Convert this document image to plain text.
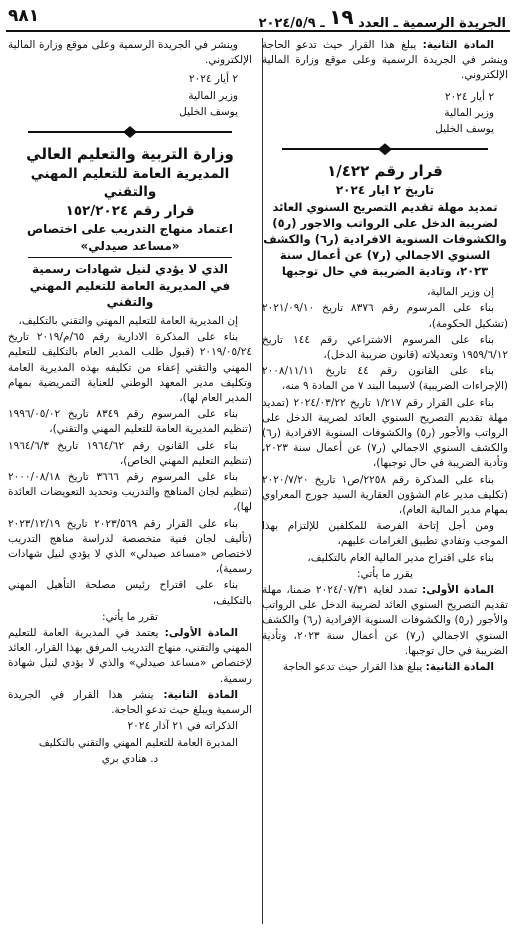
الجريدة الرسمية ـ العدد ١٩ ـ ٢٠٢٤/٥/٩
٩٨١

المادة الثانية: يبلغ هذا القرار حيث تدعو الحاجة وينشر في الجريدة الرسمية وعلى موقع وزارة المالية الإلكتروني.

٢ أيار ٢٠٢٤

وزير المالية

يوسف الخليل

قرار رقم ١/٤٢٢

تاريخ ٢ ايار ٢٠٢٤

تمديد مهلة تقديم التصريح السنوي العائد لضريبة الدخل على الرواتب والاجور (ر٥) والكشوفات السنوية الافرادية (ر٦) والكشف السنوي الاجمالي (ر٧) عن أعمال سنة ٢٠٢٣، وتادية الضريبة في حال توجبها

إن وزير المالية،

بناء على المرسوم رقم ٨٣٧٦ تاريخ ٢٠٢١/٠٩/١٠ (تشكيل الحكومة)،

بناء على المرسوم الاشتراعي رقم ١٤٤ تاريخ ١٩٥٩/٦/١٢ وتعديلاته (قانون ضريبة الدخل)،

بناء على القانون رقم ٤٤ تاريخ ٢٠٠٨/١١/١١ (الإجراءات الضريبية) لاسيما البند ٧ من المادة ٩ منه،

بناء على القرار رقم ١/٢١٧ تاريخ ٢٠٢٤/٠٣/٢٢ (تمديد مهلة تقديم التصريح السنوي العائد لضريبة الدخل على الرواتب والأجور (ر٥) والكشوفات السنوية الافرادية (ر٦) والكشف السنوي الاجمالي (ر٧) عن أعمال سنة ٢٠٢٣، وتأدية الضريبة في حال توجبها)،

بناء على المذكرة رقم ٢٢٥٨/ص١ تاريخ ٢٠٢٠/٧/٢٠ (تكليف مدير عام الشؤون العقارية السيد جورج المعراوي بمهام مدير المالية العام)،

ومن أجل إتاحة الفرصة للمكلفين للإلتزام بهذا الموجب وتفادي تطبيق الغرامات عليهم،

بناء على اقتراح مدير المالية العام بالتكليف،

يقرر ما يأتي:

المادة الأولى: تمدد لغاية ٢٠٢٤/٠٧/٣١ ضمنا، مهلة تقديم التصريح السنوي العائد لضريبة الدخل على الرواتب والأجور (ر٥) والكشوفات السنوية الإفرادية (ر٦) والكشف السنوي الاجمالي (ر٧) عن أعمال سنة ٢٠٢٣، وتأدية الضريبة في حال توجبها.

المادة الثانية: يبلغ هذا القرار حيث تدعو الحاجة

وينشر في الجريدة الرسمية وعلى موقع وزارة المالية الإلكتروني.

٢ أيار ٢٠٢٤

وزير المالية

يوسف الخليل

وزارة التربية والتعليم العالي

المديرية العامة للتعليم المهني والتقني

قرار رقم ١٥٢/٢٠٢٤

اعتماد منهاج التدريب على اختصاص

«مساعد صيدلي»

الذي لا يؤدي لنيل شهادات رسمية

في المديرية العامة للتعليم المهني والتقني

إن المديرية العامة للتعليم المهني والتقني بالتكليف،

بناء على المذكرة الادارية رقم ٦٥/م/٢٠١٩ تاريخ ٢٠١٩/٠٥/٢٤ (قبول طلب المدير العام بالتكليف للتعليم المهني والتقني إعفاء من تكليفه بهذه المديرية العامة وتكليف مدير المعهد الوطني للعناية التمريضية بمهام المدير العام لها)،

بناء على المرسوم رقم ٨٣٤٩ تاريخ ١٩٩٦/٠٥/٠٢ (تنظيم المديرية العامة للتعليم المهني والتقني)،

بناء على القانون رقم ١٩٦٤/٦٢ تاريخ ١٩٦٤/٦/٣ (تنظيم التعليم المهني الخاص)،

بناء على المرسوم رقم ٣٦٦٦ تاريخ ٢٠٠٠/٠٨/١٨ (تنظيم لجان المناهج والتدريب وتحديد التعويضات العائدة لها)،

بناء على القرار رقم ٢٠٢٣/٥٦٩ تاريخ ٢٠٢٣/١٢/١٩ (تأليف لجان فنية متخصصة لدراسة مناهج التدريب لاختصاص «مساعد صيدلي» الذي لا يؤدي لنيل شهادات رسمية)،

بناء على اقتراح رئيس مصلحة التأهيل المهني بالتكليف،

تقرر ما يأتي:

المادة الأولى: يعتمد في المديرية العامة للتعليم المهني والتقني، منهاج التدريب المرفق بهذا القرار، العائد لإختصاص «مساعد صيدلي» والذي لا يؤدي لنيل شهادة رسمية.

المادة الثانية: ينشر هذا القرار في الجريدة الرسمية ويبلغ حيث تدعو الحاجة.

الذكراته في ٢١ آذار ٢٠٢٤

المديرة العامة للتعليم المهني والتقني بالتكليف

د. هنادي بري
